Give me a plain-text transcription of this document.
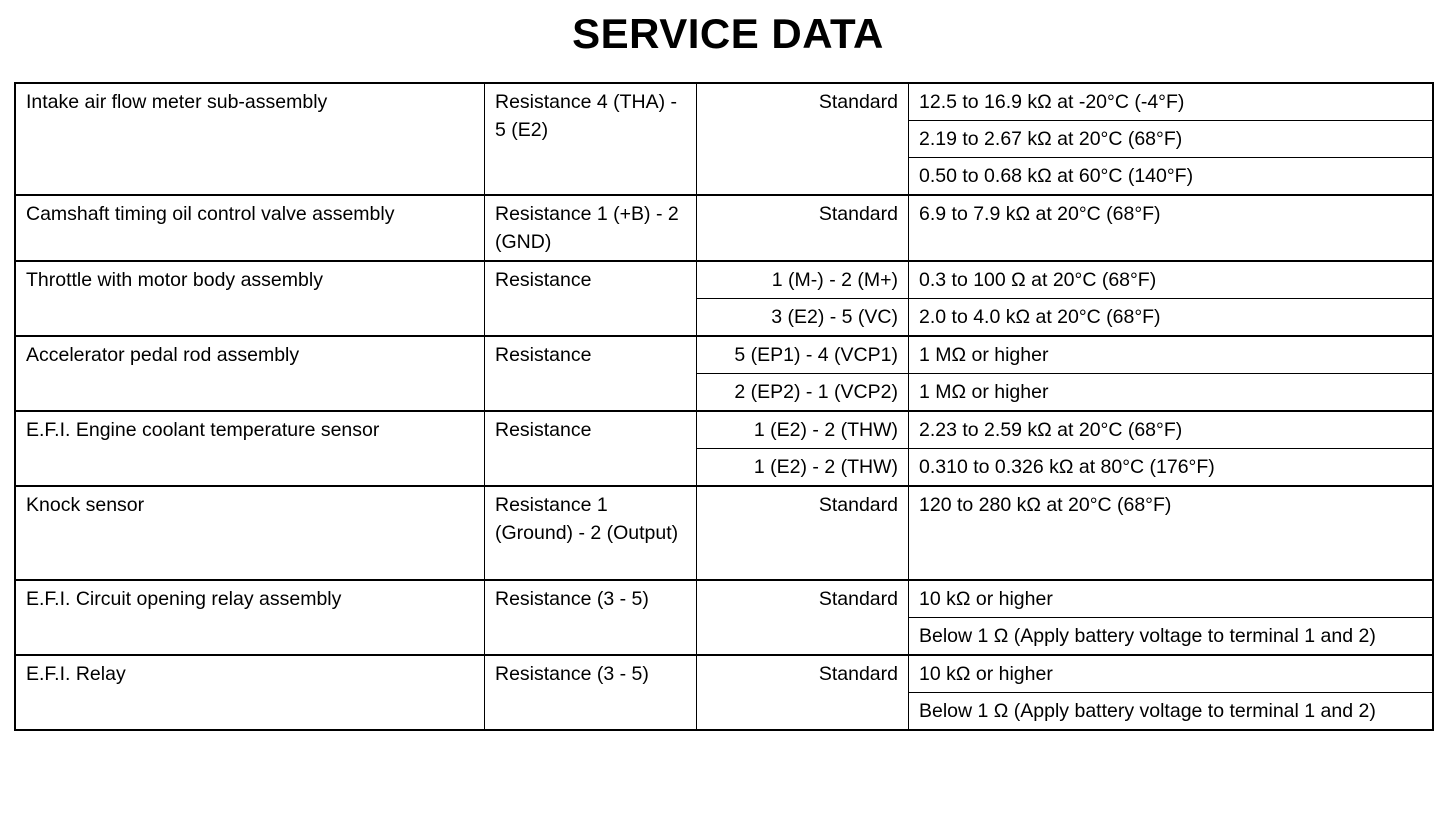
SERVICE DATA
Intake air flow meter sub-assembly	Resistance 4 (THA) - 5 (E2)	Standard	12.5 to 16.9 kΩ at -20°C (-4°F)
			2.19 to 2.67 kΩ at 20°C (68°F)
			0.50 to 0.68 kΩ at 60°C (140°F)
Camshaft timing oil control valve assembly	Resistance 1 (+B) - 2 (GND)	Standard	6.9 to 7.9 kΩ at 20°C (68°F)
Throttle with motor body assembly	Resistance	1 (M-) - 2 (M+)	0.3 to 100 Ω at 20°C (68°F)
		3 (E2) - 5 (VC)	2.0 to 4.0 kΩ at 20°C (68°F)
Accelerator pedal rod assembly	Resistance	5 (EP1) - 4 (VCP1)	1 MΩ or higher
		2 (EP2) - 1 (VCP2)	1 MΩ or higher
E.F.I. Engine coolant temperature sensor	Resistance	1 (E2) - 2 (THW)	2.23 to 2.59 kΩ at 20°C (68°F)
		1 (E2) - 2 (THW)	0.310 to 0.326 kΩ at 80°C (176°F)
Knock sensor	Resistance 1 (Ground) - 2 (Output)	Standard	120 to 280 kΩ at 20°C (68°F)
E.F.I. Circuit opening relay assembly	Resistance (3 - 5)	Standard	10 kΩ or higher
			Below 1 Ω (Apply battery voltage to terminal 1 and 2)
E.F.I. Relay	Resistance (3 - 5)	Standard	10 kΩ or higher
			Below 1 Ω (Apply battery voltage to terminal 1 and 2)
